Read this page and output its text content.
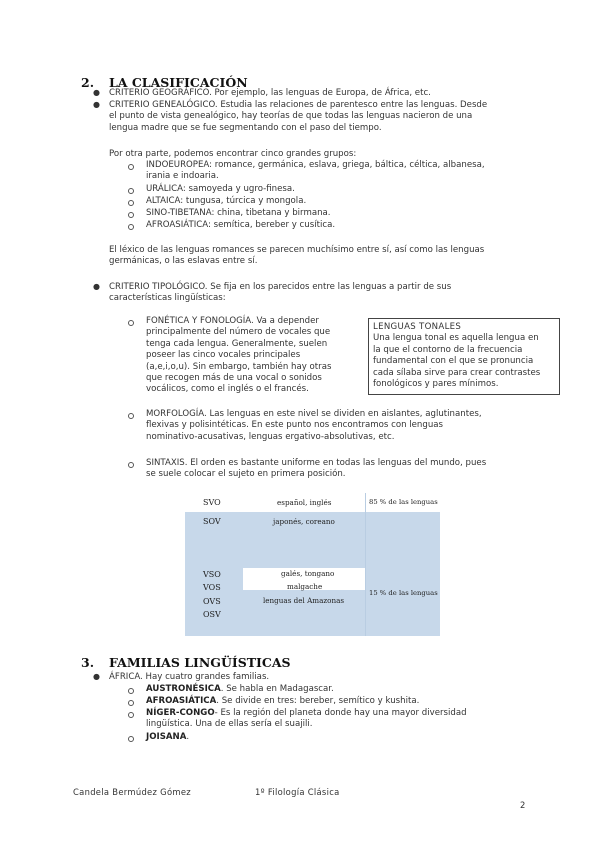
2. LA CLASIFICACIÓN
● CRITERIO GEOGRÁFICO. Por ejemplo, las lenguas de Europa, de África, etc.
● CRITERIO GENEALÓGICO. Estudia las relaciones de parentesco entre las lenguas. Desde
el punto de vista genealógico, hay teorías de que todas las lenguas nacieron de una
lengua madre que se fue segmentando con el paso del tiempo.
Por otra parte, podemos encontrar cinco grandes grupos:
INDOEUROPEA: romance, germánica, eslava, griega, báltica, céltica, albanesa,
irania e indoaria.
URÁLICA: samoyeda y ugro-finesa.
ALTAICA: tungusa, túrcica y mongola.
SINO-TIBETANA: china, tibetana y birmana.
AFROASIÁTICA: semítica, bereber y cusítica.
El léxico de las lenguas romances se parecen muchísimo entre sí, así como las lenguas
germánicas, o las eslavas entre sí.
● CRITERIO TIPOLÓGICO. Se fija en los parecidos entre las lenguas a partir de sus
características lingüísticas:
FONÉTICA Y FONOLOGÍA. Va a depender
principalmente del número de vocales que
tenga cada lengua. Generalmente, suelen
poseer las cinco vocales principales
(a,e,i,o,u). Sin embargo, también hay otras
que recogen más de una vocal o sonidos
vocálicos, como el inglés o el francés.
LENGUAS TONALES
Una lengua tonal es aquella lengua en
la que el contorno de la frecuencia
fundamental con el que se pronuncia
cada sílaba sirve para crear contrastes
fonológicos y pares mínimos.
MORFOLOGÍA. Las lenguas en este nivel se dividen en aislantes, aglutinantes,
flexivas y polisintéticas. En este punto nos encontramos con lenguas
nominativo-acusativas, lenguas ergativo-absolutivas, etc.
SINTAXIS. El orden es bastante uniforme en todas las lenguas del mundo, pues
se suele colocar el sujeto en primera posición.
SVO
SOV
VSO
VOS
OVS
OSV
español, inglés
japonés, coreano
galés, tongano
malgache
lenguas del Amazonas
85 % de las lenguas
15 % de las lenguas
3. FAMILIAS LINGÜÍSTICAS
● ÁFRICA. Hay cuatro grandes familias.
AUSTRONÉSICA. Se habla en Madagascar.
AFROASIÁTICA. Se divide en tres: bereber, semítico y kushita.
NÍGER-CONGO- Es la región del planeta donde hay una mayor diversidad
lingüística. Una de ellas sería el suajili.
JOISANA.
Candela Bermúdez Gómez	1º Filología Clásica
2
